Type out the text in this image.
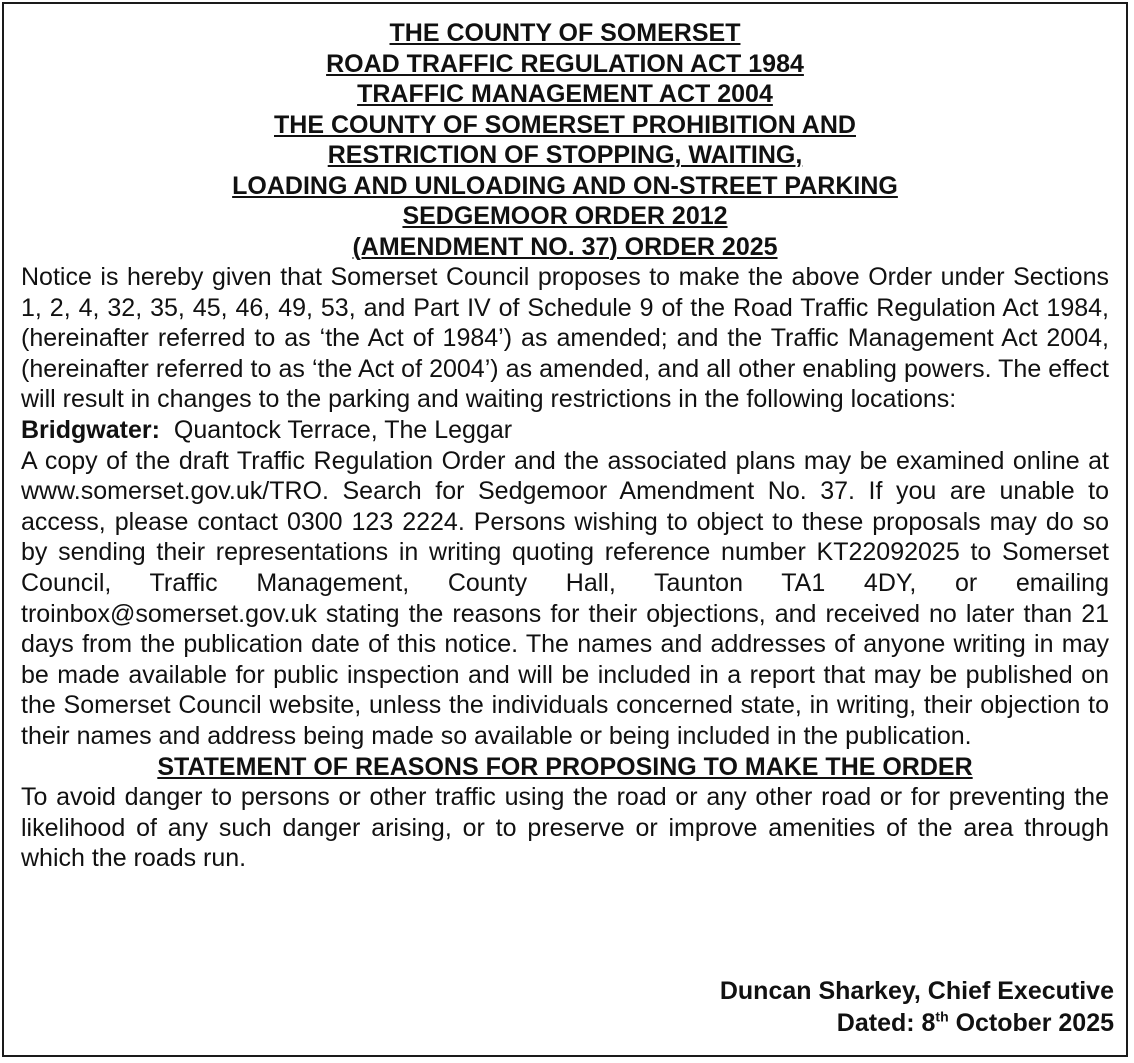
THE COUNTY OF SOMERSET
ROAD TRAFFIC REGULATION ACT 1984
TRAFFIC MANAGEMENT ACT 2004
THE COUNTY OF SOMERSET PROHIBITION AND
RESTRICTION OF STOPPING, WAITING,
LOADING AND UNLOADING AND ON-STREET PARKING
SEDGEMOOR ORDER 2012
(AMENDMENT NO. 37) ORDER 2025

Notice is hereby given that Somerset Council proposes to make the above Order under Sections 1, 2, 4, 32, 35, 45, 46, 49, 53, and Part IV of Schedule 9 of the Road Traffic Regulation Act 1984, (hereinafter referred to as ‘the Act of 1984’) as amended; and the Traffic Management Act 2004, (hereinafter referred to as ‘the Act of 2004’) as amended, and all other enabling powers. The effect will result in changes to the parking and waiting restrictions in the following locations:

Bridgwater: Quantock Terrace, The Leggar

A copy of the draft Traffic Regulation Order and the associated plans may be examined online at www.somerset.gov.uk/TRO. Search for Sedgemoor Amendment No. 37. If you are unable to access, please contact 0300 123 2224. Persons wishing to object to these proposals may do so by sending their representations in writing quoting reference number KT22092025 to Somerset Council, Traffic Management, County Hall, Taunton TA1 4DY, or emailing troinbox@somerset.gov.uk stating the reasons for their objections, and received no later than 21 days from the publication date of this notice. The names and addresses of anyone writing in may be made available for public inspection and will be included in a report that may be published on the Somerset Council website, unless the individuals concerned state, in writing, their objection to their names and address being made so available or being included in the publication.

STATEMENT OF REASONS FOR PROPOSING TO MAKE THE ORDER

To avoid danger to persons or other traffic using the road or any other road or for preventing the likelihood of any such danger arising, or to preserve or improve amenities of the area through which the roads run.

Duncan Sharkey, Chief Executive
Dated: 8th October 2025
